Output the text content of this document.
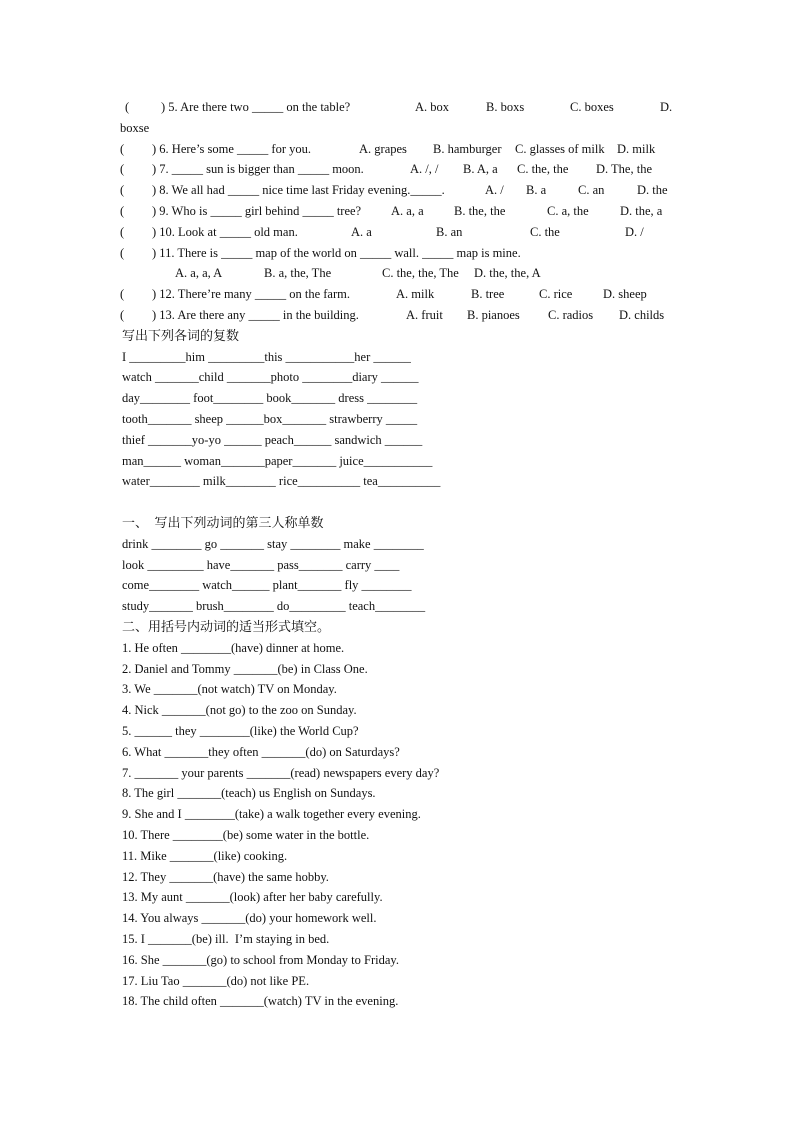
(	) 5. Are there two _____ on the table?	A. box	B. boxs	C. boxes	D.
boxse
( ) 6. Here’s some _____ for you.	A. grapes B. hamburger C. glasses of milk D. milk
( ) 7. _____ sun is bigger than _____ moon.	A. /, / B. A, a C. the, the D. The, the
( ) 8. We all had _____ nice time last Friday evening._____.	A. / B. a	C. an	D. the
( ) 9. Who is _____ girl behind _____ tree? A. a, a B. the, the	C. a, the	D. the, a
( ) 10. Look at _____ old man.	A. a	B. an	C. the	D. /
( ) 11. There is _____ map of the world on _____ wall. _____ map is mine.
A. a, a, A	B. a, the, The	C. the, the, The D. the, the, A
( ) 12. There’re many _____ on the farm.	A. milk	B. tree	C. rice D. sheep
( ) 13. Are there any _____ in the building.	A. fruit B. pianoes C. radios D. childs
写出下列各词的复数
I _________him _________this ___________her ______
watch _______child _______photo ________diary ______
day________ foot________ book_______ dress ________
tooth_______ sheep ______box_______ strawberry _____
thief _______yo-yo ______ peach______ sandwich ______
man______ woman_______paper_______ juice___________
water________ milk________ rice__________ tea__________
一、  写出下列动词的第三人称单数
drink ________ go _______ stay ________ make ________
look _________ have_______ pass_______ carry ____
come________ watch______ plant_______ fly ________
study_______ brush________ do_________ teach________
二、用括号内动词的适当形式填空。
1. He often ________(have) dinner at home.
2. Daniel and Tommy _______(be) in Class One.
3. We _______(not watch) TV on Monday.
4. Nick _______(not go) to the zoo on Sunday.
5. ______ they ________(like) the World Cup?
6. What _______they often _______(do) on Saturdays?
7. _______ your parents _______(read) newspapers every day?
8. The girl _______(teach) us English on Sundays.
9. She and I ________(take) a walk together every evening.
10. There ________(be) some water in the bottle.
11. Mike _______(like) cooking.
12. They _______(have) the same hobby.
13. My aunt _______(look) after her baby carefully.
14. You always _______(do) your homework well.
15. I _______(be) ill.  I’m staying in bed.
16. She _______(go) to school from Monday to Friday.
17. Liu Tao _______(do) not like PE.
18. The child often _______(watch) TV in the evening.
